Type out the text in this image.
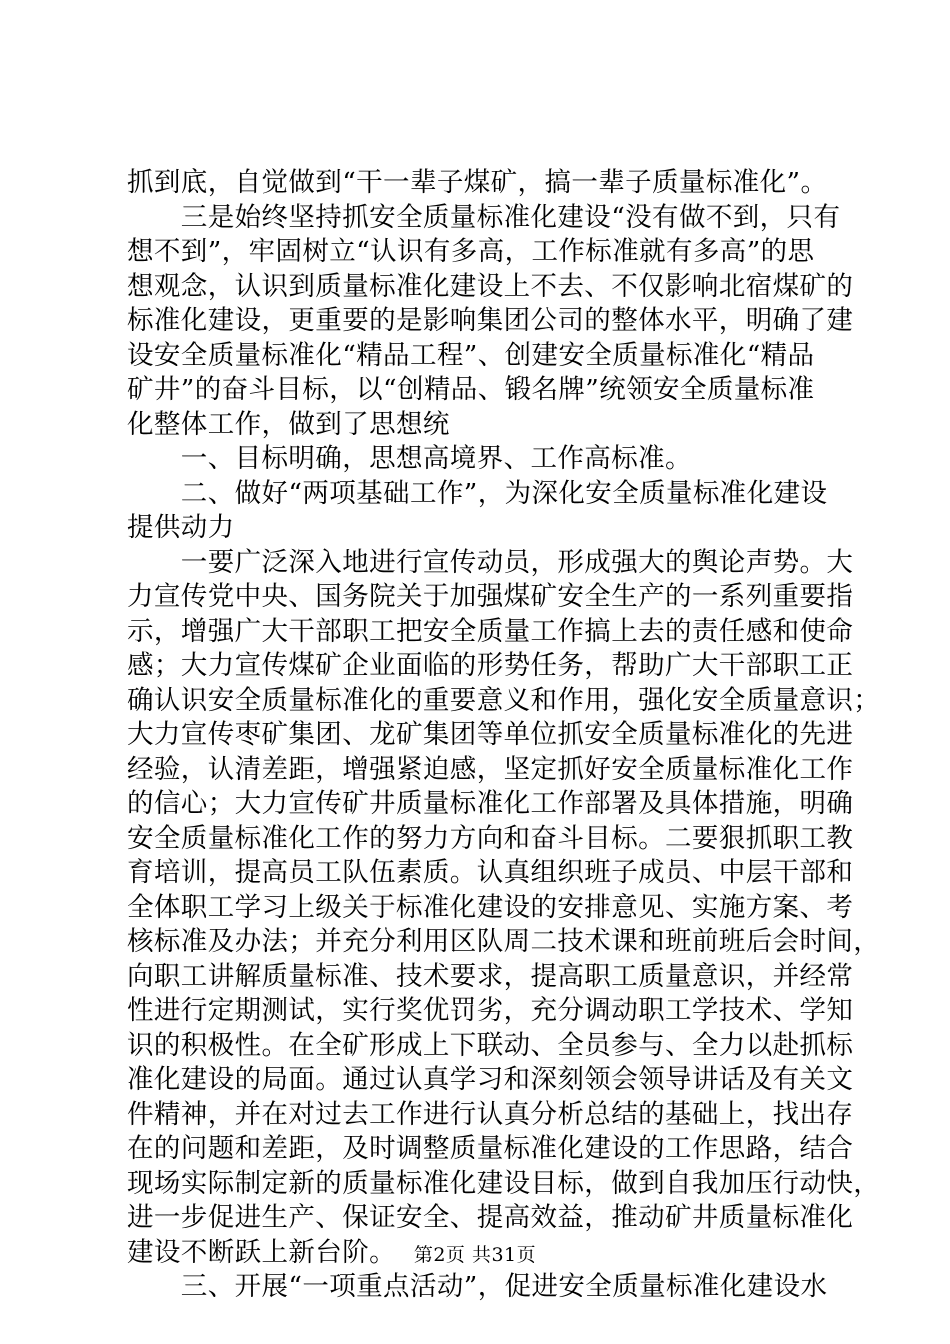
抓到底，自觉做到“干一辈子煤矿，搞一辈子质量标准化”。
　　三是始终坚持抓安全质量标准化建设“没有做不到，只有
想不到”，牢固树立“认识有多高，工作标准就有多高”的思
想观念，认识到质量标准化建设上不去、不仅影响北宿煤矿的
标准化建设，更重要的是影响集团公司的整体水平，明确了建
设安全质量标准化“精品工程”、创建安全质量标准化“精品
矿井”的奋斗目标，以“创精品、锻名牌”统领安全质量标准
化整体工作，做到了思想统
　　一、目标明确，思想高境界、工作高标准。
　　二、做好“两项基础工作”，为深化安全质量标准化建设
提供动力
　　一要广泛深入地进行宣传动员，形成强大的舆论声势。大
力宣传党中央、国务院关于加强煤矿安全生产的一系列重要指
示，增强广大干部职工把安全质量工作搞上去的责任感和使命
感；大力宣传煤矿企业面临的形势任务，帮助广大干部职工正
确认识安全质量标准化的重要意义和作用，强化安全质量意识；
大力宣传枣矿集团、龙矿集团等单位抓安全质量标准化的先进
经验，认清差距，增强紧迫感，坚定抓好安全质量标准化工作
的信心；大力宣传矿井质量标准化工作部署及具体措施，明确
安全质量标准化工作的努力方向和奋斗目标。二要狠抓职工教
育培训，提高员工队伍素质。认真组织班子成员、中层干部和
全体职工学习上级关于标准化建设的安排意见、实施方案、考
核标准及办法；并充分利用区队周二技术课和班前班后会时间，
向职工讲解质量标准、技术要求，提高职工质量意识，并经常
性进行定期测试，实行奖优罚劣，充分调动职工学技术、学知
识的积极性。在全矿形成上下联动、全员参与、全力以赴抓标
准化建设的局面。通过认真学习和深刻领会领导讲话及有关文
件精神，并在对过去工作进行认真分析总结的基础上，找出存
在的问题和差距，及时调整质量标准化建设的工作思路，结合
现场实际制定新的质量标准化建设目标，做到自我加压行动快，
进一步促进生产、保证安全、提高效益，推动矿井质量标准化
建设不断跃上新台阶。
　　三、开展“一项重点活动”，促进安全质量标准化建设水
第2页 共31页
